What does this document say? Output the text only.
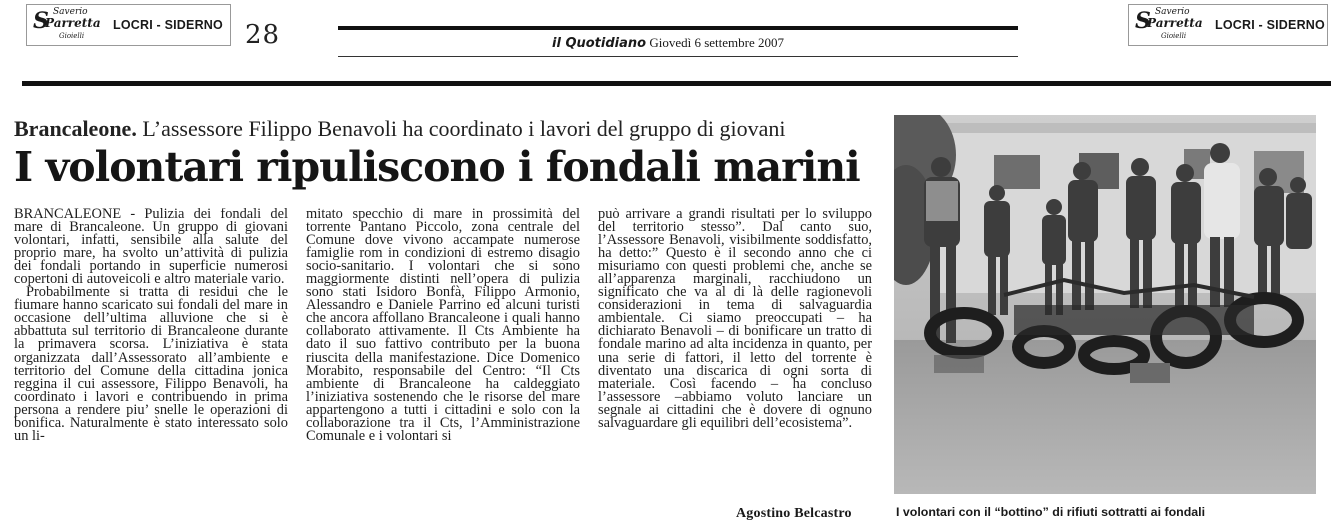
S Saverio
Parretta
Gioielli
LOCRI - SIDERNO 28	il Quotidiano Giovedì 6 settembre 2007
S Saverio
Parretta
Gioielli
LOCRI - SIDERNO
Brancaleone. L’assessore Filippo Benavoli ha coordinato i lavori del gruppo di giovani
I volontari ripuliscono i fondali marini

BRANCALEONE - Pulizia dei fondali del mare di Brancaleone. Un gruppo di giovani volontari, infatti, sensibile alla salute del proprio mare, ha svolto un’attività di pulizia dei fondali portando in superficie numerosi copertoni di autoveicoli e altro materiale vario.

Probabilmente si tratta di residui che le fiumare hanno scaricato sui fondali del mare in occasione dell’ultima alluvione che si è abbattuta sul territorio di Brancaleone durante la primavera scorsa. L’iniziativa è stata organizzata dall’Assessorato all’ambiente e territorio del Comune della cittadina jonica reggina il cui assessore, Filippo Benavoli, ha coordinato i lavori e contribuendo in prima persona a rendere piu’ snelle le operazioni di bonifica. Naturalmente è stato interessato solo un li-

mitato specchio di mare in prossimità del torrente Pantano Piccolo, zona centrale del Comune dove vivono accampate numerose famiglie rom in condizioni di estremo disagio socio-sanitario. I volontari che si sono maggiormente distinti nell’opera di pulizia sono stati Isidoro Bonfà, Filippo Armonio, Alessandro e Daniele Parrino ed alcuni turisti che ancora affollano Brancaleone i quali hanno collaborato attivamente. Il Cts Ambiente ha dato il suo fattivo contributo per la buona riuscita della manifestazione. Dice Domenico Morabito, responsabile del Centro: “Il Cts ambiente di Brancaleone ha caldeggiato l’iniziativa sostenendo che le risorse del mare appartengono a tutti i cittadini e solo con la collaborazione tra il Cts, l’Amministrazione Comunale e i volontari si

può arrivare a grandi risultati per lo sviluppo del territorio stesso”. Dal canto suo, l’Assessore Benavoli, visibilmente soddisfatto, ha detto:” Questo è il secondo anno che ci misuriamo con questi problemi che, anche se all’apparenza marginali, racchiudono un significato che va al di là delle ragionevoli considerazioni in tema di salvaguardia ambientale. Ci siamo preoccupati – ha dichiarato Benavoli – di bonificare un tratto di fondale marino ad alta incidenza in quanto, per una serie di fattori, il letto del torrente è diventato una discarica di ogni sorta di materiale. Così facendo – ha concluso l’assessore –abbiamo voluto lanciare un segnale ai cittadini che è dovere di ognuno salvaguardare gli equilibri dell’ecosistema”.

Agostino Belcastro	I volontari con il “bottino” di rifiuti sottratti ai fondali
